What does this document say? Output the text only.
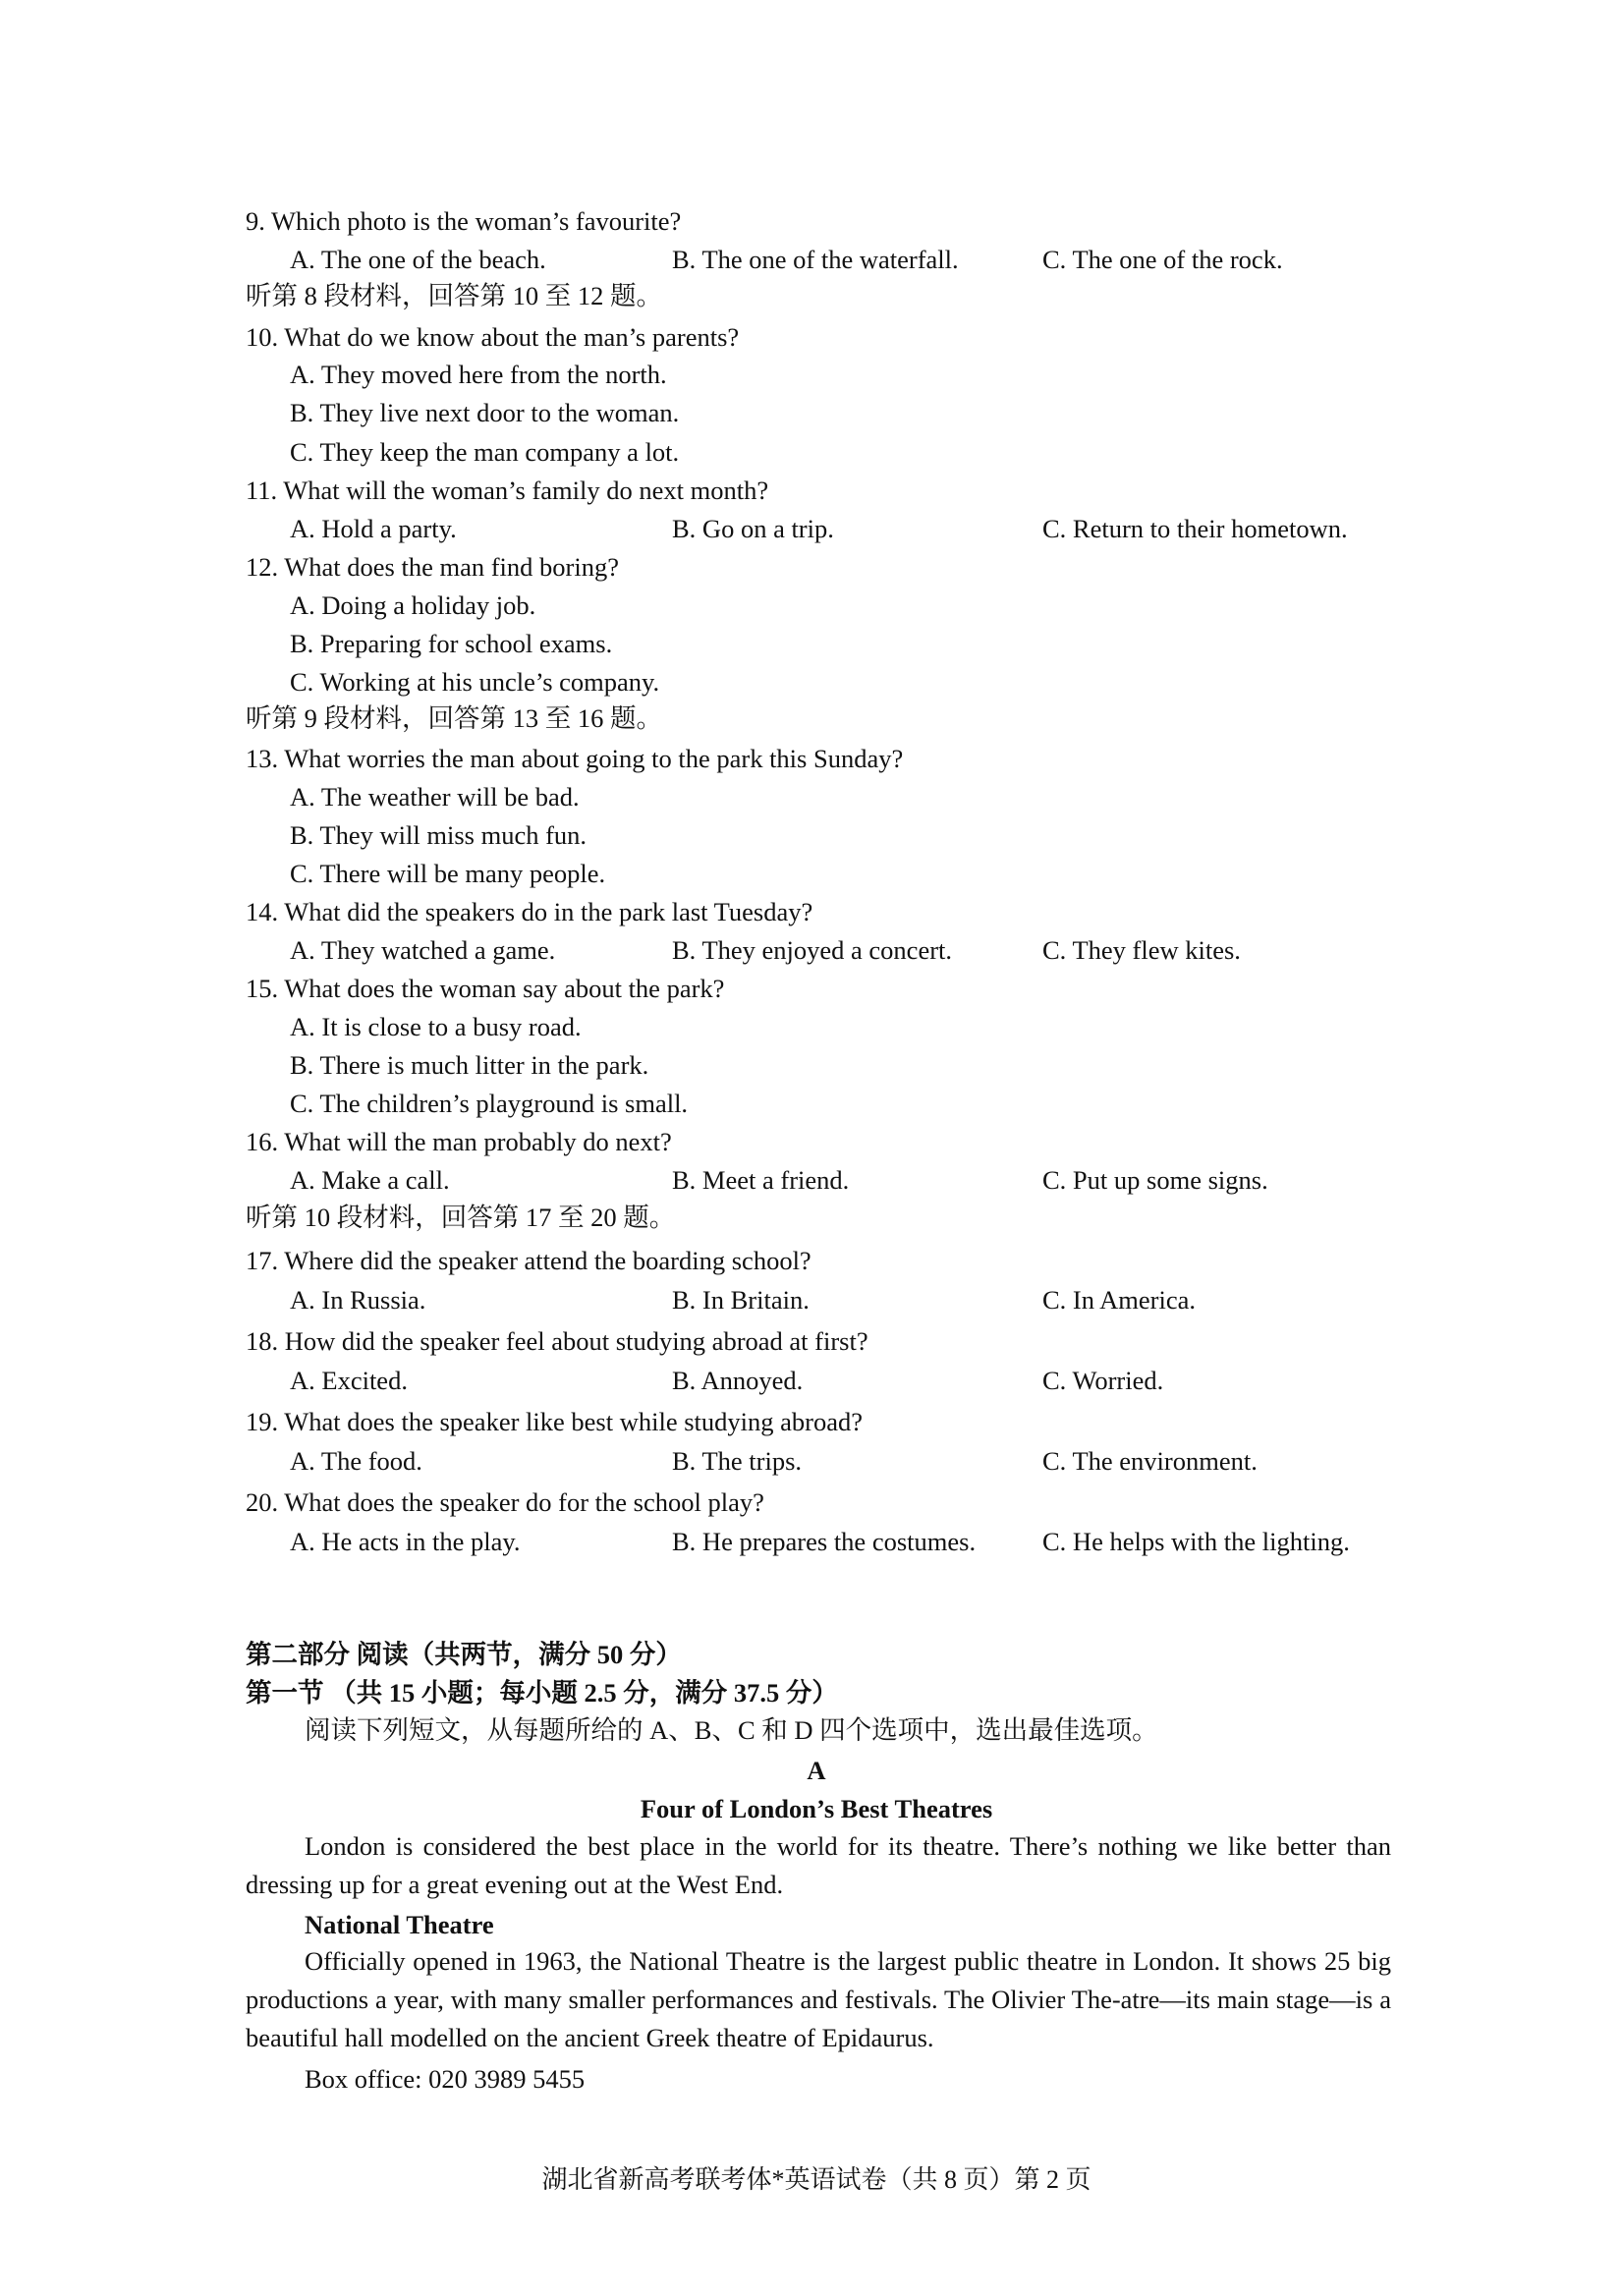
9. Which photo is the woman’s favourite?
A. The one of the beach.	B. The one of the waterfall.	C. The one of the rock.
听第 8 段材料，回答第 10 至 12 题。
10. What do we know about the man’s parents?
A. They moved here from the north.
B. They live next door to the woman.
C. They keep the man company a lot.
11. What will the woman’s family do next month?
A. Hold a party.	B. Go on a trip.	C. Return to their hometown.
12. What does the man find boring?
A. Doing a holiday job.
B. Preparing for school exams.
C. Working at his uncle’s company.
听第 9 段材料，回答第 13 至 16 题。
13. What worries the man about going to the park this Sunday?
A. The weather will be bad.
B. They will miss much fun.
C. There will be many people.
14. What did the speakers do in the park last Tuesday?
A. They watched a game.	B. They enjoyed a concert.	C. They flew kites.
15. What does the woman say about the park?
A. It is close to a busy road.
B. There is much litter in the park.
C. The children’s playground is small.
16. What will the man probably do next?
A. Make a call.	B. Meet a friend.	C. Put up some signs.
听第 10 段材料，回答第 17 至 20 题。
17. Where did the speaker attend the boarding school?
A. In Russia.	B. In Britain.	C. In America.
18. How did the speaker feel about studying abroad at first?
A. Excited.	B. Annoyed.	C. Worried.
19. What does the speaker like best while studying abroad?
A. The food.	B. The trips.	C. The environment.
20. What does the speaker do for the school play?
A. He acts in the play.	B. He prepares the costumes.	C. He helps with the lighting.
第二部分 阅读（共两节，满分 50 分）
第一节 （共 15 小题；每小题 2.5 分，满分 37.5 分）
阅读下列短文，从每题所给的 A、B、C 和 D 四个选项中，选出最佳选项。
A
Four of London’s Best Theatres
London is considered the best place in the world for its theatre. There’s nothing we like better than dressing up for a great evening out at the West End.
National Theatre
Officially opened in 1963, the National Theatre is the largest public theatre in London. It shows 25 big productions a year, with many smaller performances and festivals. The Olivier The-atre—its main stage—is a beautiful hall modelled on the ancient Greek theatre of Epidaurus.
Box office: 020 3989 5455
湖北省新高考联考体*英语试卷（共 8 页）第 2 页
